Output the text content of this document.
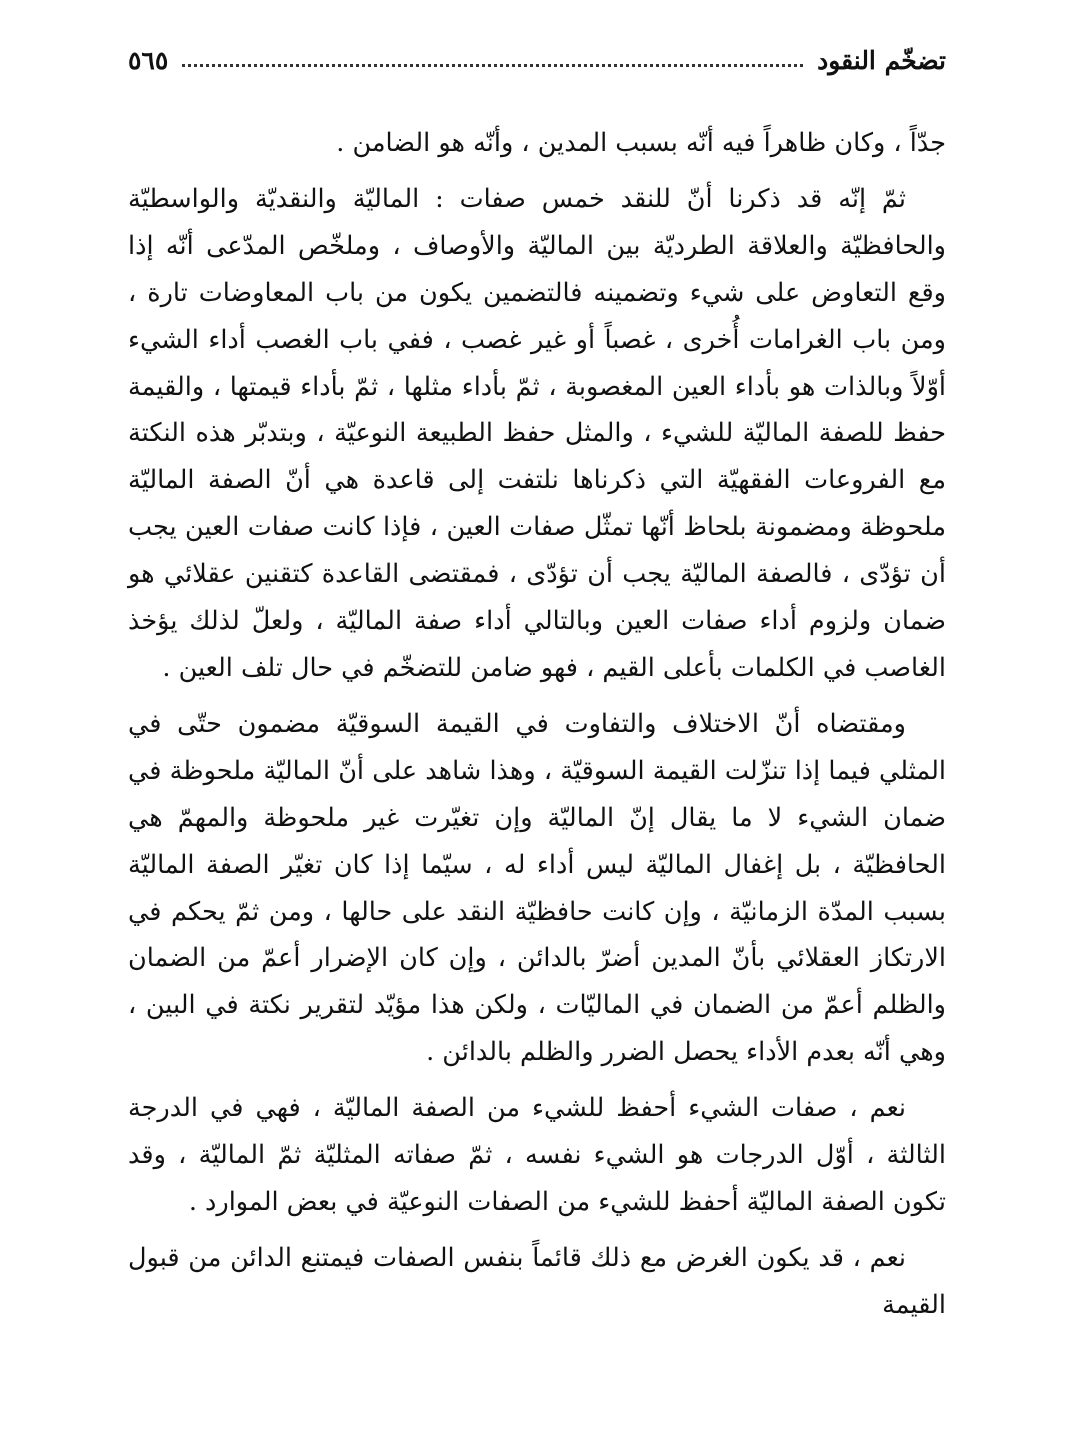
تضخّم النقود
٥٦٥

جدّاً ، وكان ظاهراً فيه أنّه بسبب المدين ، وأنّه هو الضامن .

ثمّ إنّه قد ذكرنا أنّ للنقد خمس صفات : الماليّة والنقديّة والواسطيّة والحافظيّة والعلاقة الطرديّة بين الماليّة والأوصاف ، وملخّص المدّعى أنّه إذا وقع التعاوض على شيء وتضمينه فالتضمين يكون من باب المعاوضات تارة ، ومن باب الغرامات أُخرى ، غصباً أو غير غصب ، ففي باب الغصب أداء الشيء أوّلاً وبالذات هو بأداء العين المغصوبة ، ثمّ بأداء مثلها ، ثمّ بأداء قيمتها ، والقيمة حفظ للصفة الماليّة للشيء ، والمثل حفظ الطبيعة النوعيّة ، وبتدبّر هذه النكتة مع الفروعات الفقهيّة التي ذكرناها نلتفت إلى قاعدة هي أنّ الصفة الماليّة ملحوظة ومضمونة بلحاظ أنّها تمثّل صفات العين ، فإذا كانت صفات العين يجب أن تؤدّى ، فالصفة الماليّة يجب أن تؤدّى ، فمقتضى القاعدة كتقنين عقلائي هو ضمان ولزوم أداء صفات العين وبالتالي أداء صفة الماليّة ، ولعلّ لذلك يؤخذ الغاصب في الكلمات بأعلى القيم ، فهو ضامن للتضخّم في حال تلف العين .

ومقتضاه أنّ الاختلاف والتفاوت في القيمة السوقيّة مضمون حتّى في المثلي فيما إذا تنزّلت القيمة السوقيّة ، وهذا شاهد على أنّ الماليّة ملحوظة في ضمان الشيء لا ما يقال إنّ الماليّة وإن تغيّرت غير ملحوظة والمهمّ هي الحافظيّة ، بل إغفال الماليّة ليس أداء له ، سيّما إذا كان تغيّر الصفة الماليّة بسبب المدّة الزمانيّة ، وإن كانت حافظيّة النقد على حالها ، ومن ثمّ يحكم في الارتكاز العقلائي بأنّ المدين أضرّ بالدائن ، وإن كان الإضرار أعمّ من الضمان والظلم أعمّ من الضمان في الماليّات ، ولكن هذا مؤيّد لتقرير نكتة في البين ، وهي أنّه بعدم الأداء يحصل الضرر والظلم بالدائن .

نعم ، صفات الشيء أحفظ للشيء من الصفة الماليّة ، فهي في الدرجة الثالثة ، أوّل الدرجات هو الشيء نفسه ، ثمّ صفاته المثليّة ثمّ الماليّة ، وقد تكون الصفة الماليّة أحفظ للشيء من الصفات النوعيّة في بعض الموارد .

نعم ، قد يكون الغرض مع ذلك قائماً بنفس الصفات فيمتنع الدائن من قبول القيمة
